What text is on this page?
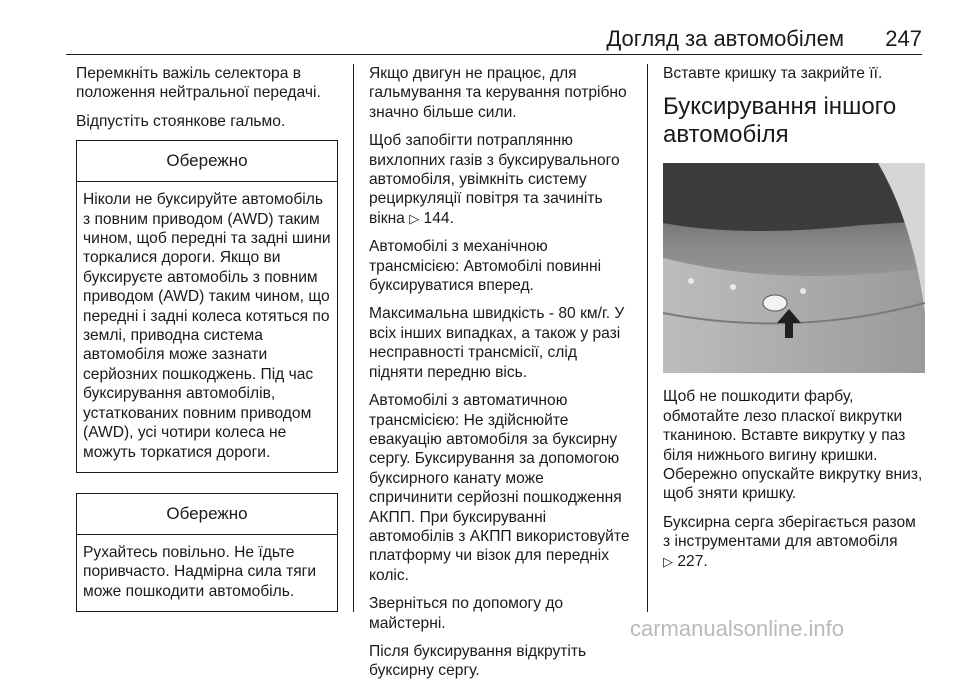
Догляд за автомобілем 247

Перемкніть важіль селектора в положення нейтральної передачі.

Відпустіть стоянкове гальмо.

Обережно
Ніколи не буксируйте автомобіль з повним приводом (AWD) таким чином, щоб передні та задні шини торкалися дороги. Якщо ви буксируєте автомобіль з повним приводом (AWD) таким чином, що передні і задні колеса котяться по землі, приводна система автомобіля може зазнати серйозних пошкоджень. Під час буксирування автомобілів, устаткованих повним приводом (AWD), усі чотири колеса не можуть торкатися дороги.
Обережно
Рухайтесь повільно. Не їдьте поривчасто. Надмірна сила тяги може пошкодити автомобіль.

Якщо двигун не працює, для гальмування та керування потрібно значно більше сили.

Щоб запобігти потраплянню вихлопних газів з буксирувального автомобіля, увімкніть систему рециркуляції повітря та зачиніть вікна ▷ 144.

Автомобілі з механічною трансмісією: Автомобілі повинні буксируватися вперед.

Максимальна швидкість - 80 км/г. У всіх інших випадках, а також у разі несправності трансмісії, слід підняти передню вісь.

Автомобілі з автоматичною трансмісією: Не здійснюйте евакуацію автомобіля за буксирну сергу. Буксирування за допомогою буксирного канату може спричинити серйозні пошкодження АКПП. При буксируванні автомобілів з АКПП використовуйте платформу чи візок для передніх коліс.

Зверніться по допомогу до майстерні.

Після буксирування відкрутіть буксирну сергу.

Вставте кришку та закрийте її.

Буксирування іншого автомобіля

Щоб не пошкодити фарбу, обмотайте лезо пласкої викрутки тканиною. Вставте викрутку у паз біля нижнього вигину кришки. Обережно опускайте викрутку вниз, щоб зняти кришку.

Буксирна серга зберігається разом з інструментами для автомобіля
▷ 227.

carmanualsonline.info
